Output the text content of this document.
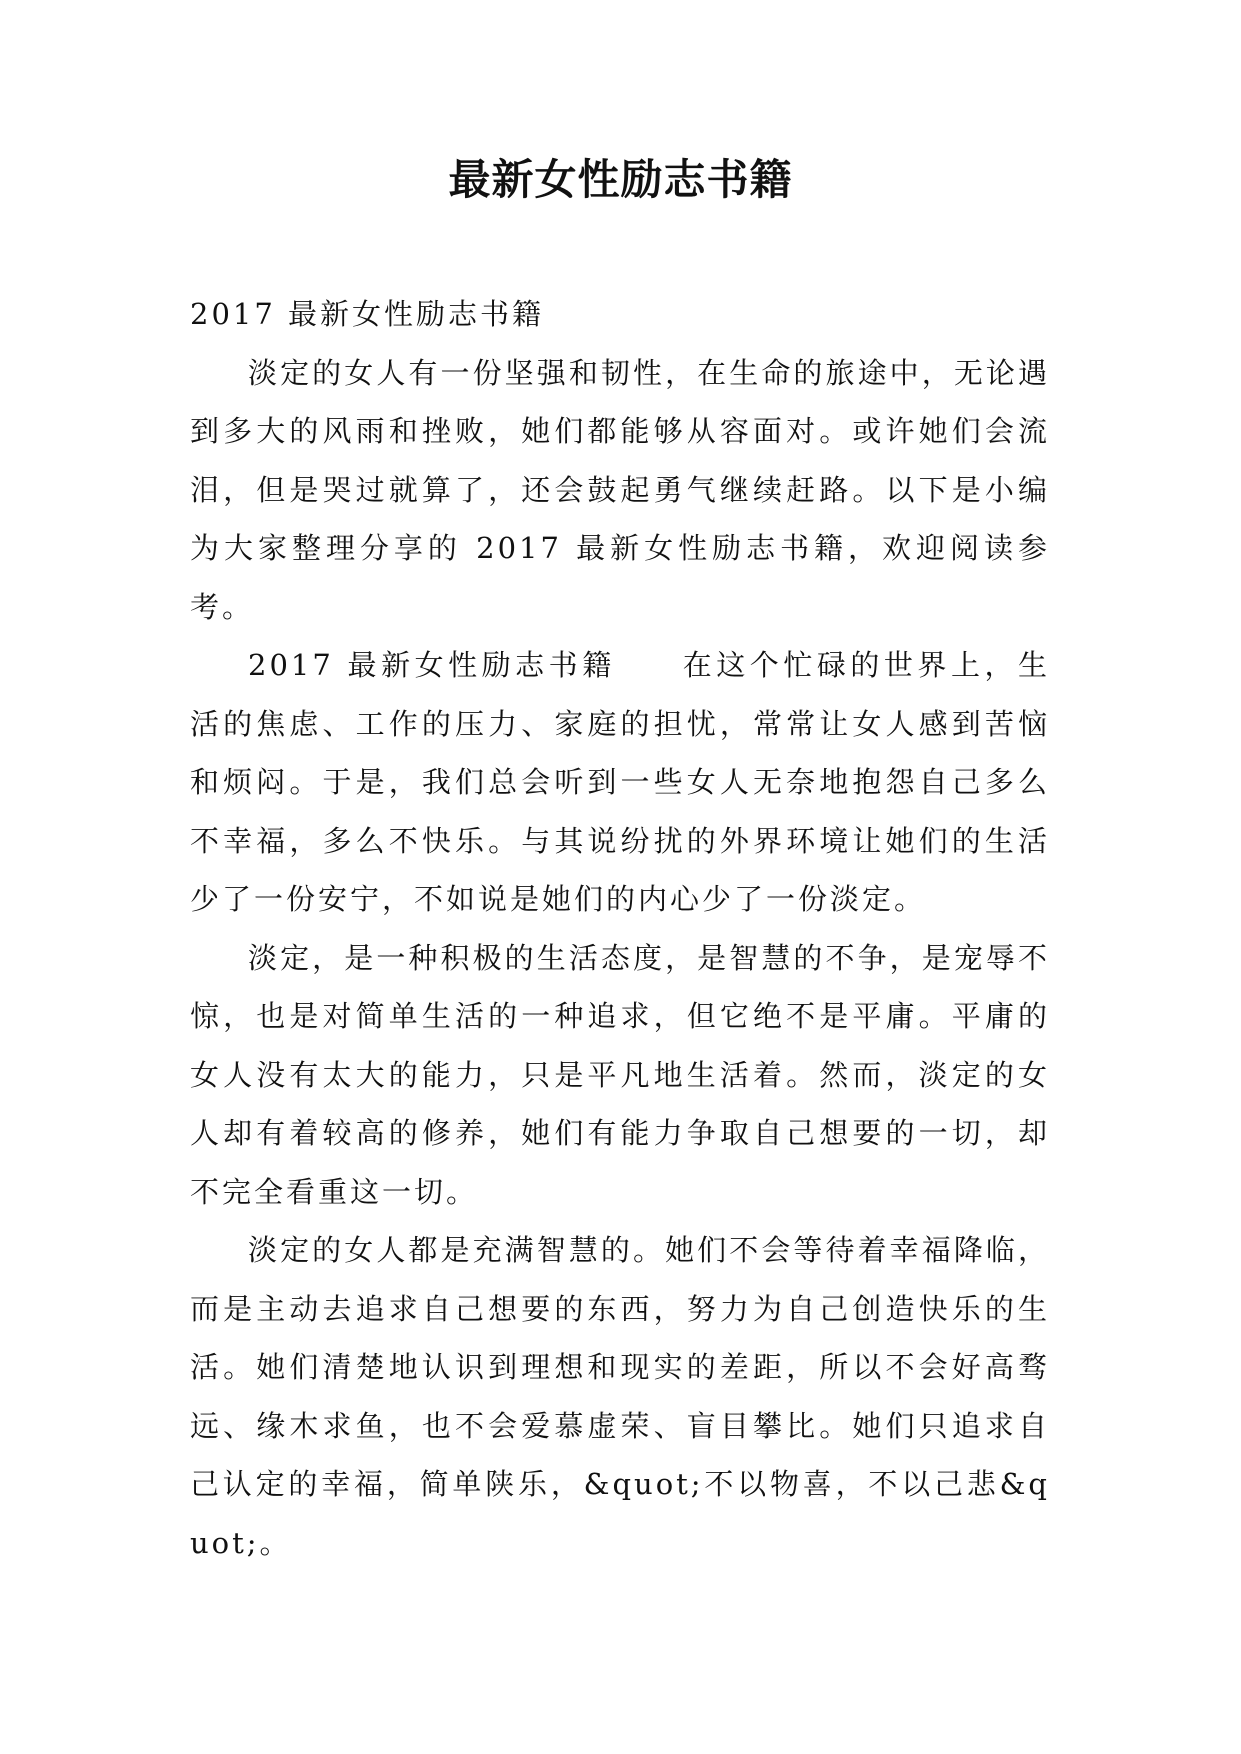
最新女性励志书籍

2017 最新女性励志书籍

淡定的女人有一份坚强和韧性，在生命的旅途中，无论遇到多大的风雨和挫败，她们都能够从容面对。或许她们会流泪，但是哭过就算了，还会鼓起勇气继续赶路。以下是小编为大家整理分享的 2017 最新女性励志书籍，欢迎阅读参考。

2017 最新女性励志书籍　　在这个忙碌的世界上，生活的焦虑、工作的压力、家庭的担忧，常常让女人感到苦恼和烦闷。于是，我们总会听到一些女人无奈地抱怨自己多么不幸福，多么不快乐。与其说纷扰的外界环境让她们的生活少了一份安宁，不如说是她们的内心少了一份淡定。

淡定，是一种积极的生活态度，是智慧的不争，是宠辱不惊，也是对简单生活的一种追求，但它绝不是平庸。平庸的女人没有太大的能力，只是平凡地生活着。然而，淡定的女人却有着较高的修养，她们有能力争取自己想要的一切，却不完全看重这一切。

淡定的女人都是充满智慧的。她们不会等待着幸福降临，而是主动去追求自己想要的东西，努力为自己创造快乐的生活。她们清楚地认识到理想和现实的差距，所以不会好高骛远、缘木求鱼，也不会爱慕虚荣、盲目攀比。她们只追求自己认定的幸福，简单陕乐，&quot;不以物喜，不以己悲&quot;。
